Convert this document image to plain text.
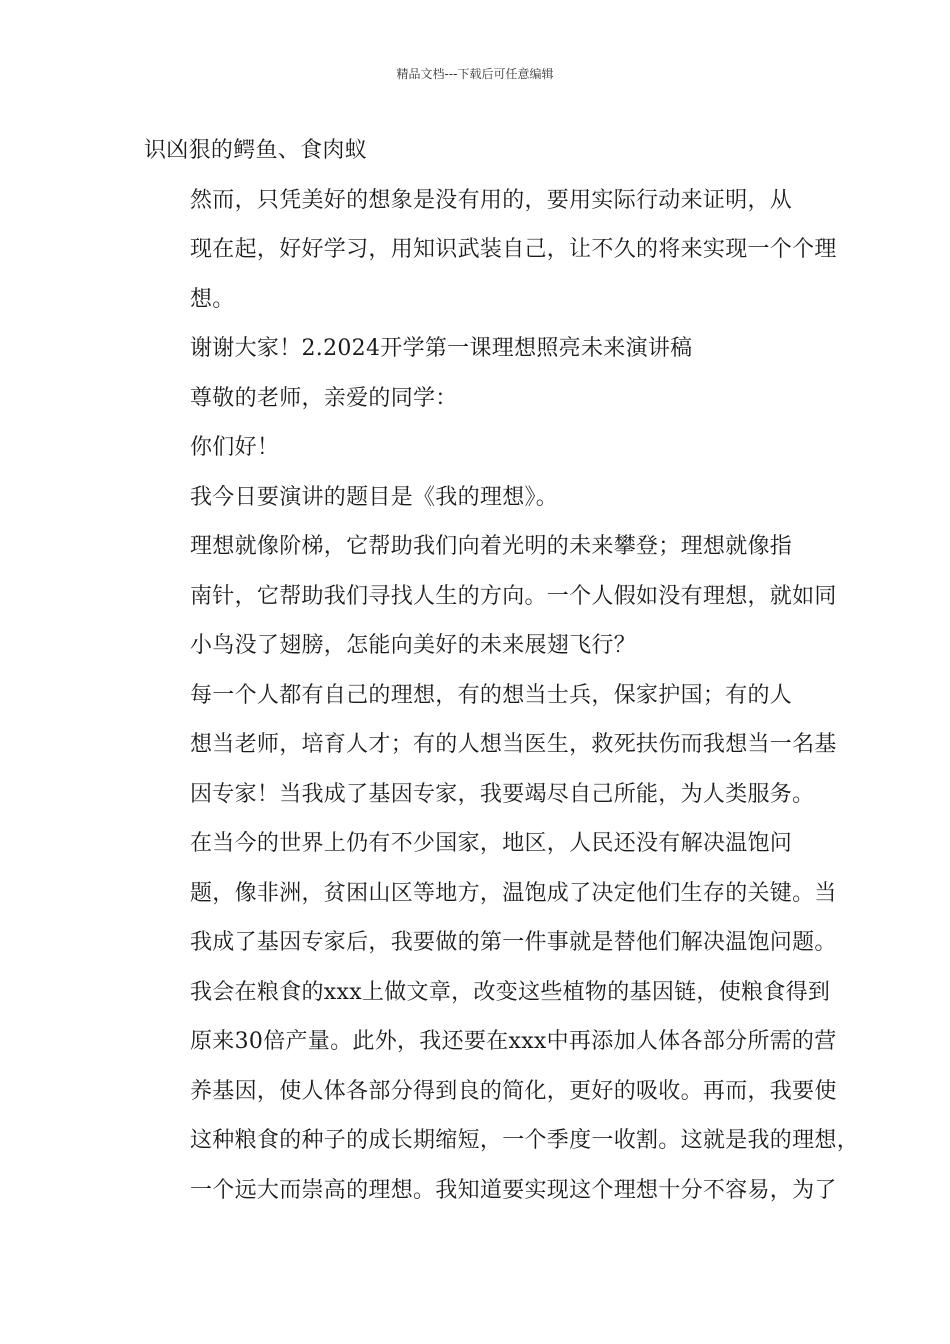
精品文档---下载后可任意编辑

识凶狠的鳄鱼、食肉蚁

然而，只凭美好的想象是没有用的，要用实际行动来证明，从
现在起，好好学习，用知识武装自己，让不久的将来实现一个个理
想。

谢谢大家！2.2024开学第一课理想照亮未来演讲稿

尊敬的老师，亲爱的同学：

你们好！

我今日要演讲的题目是《我的理想》。

理想就像阶梯，它帮助我们向着光明的未来攀登；理想就像指
南针，它帮助我们寻找人生的方向。一个人假如没有理想，就如同
小鸟没了翅膀，怎能向美好的未来展翅飞行？

每一个人都有自己的理想，有的想当士兵，保家护国；有的人
想当老师，培育人才；有的人想当医生，救死扶伤而我想当一名基
因专家！当我成了基因专家，我要竭尽自己所能，为人类服务。

在当今的世界上仍有不少国家，地区，人民还没有解决温饱问
题，像非洲，贫困山区等地方，温饱成了决定他们生存的关键。当
我成了基因专家后，我要做的第一件事就是替他们解决温饱问题。
我会在粮食的xxx上做文章，改变这些植物的基因链，使粮食得到
原来30倍产量。此外，我还要在xxx中再添加人体各部分所需的营
养基因，使人体各部分得到良的简化，更好的吸收。再而，我要使
这种粮食的种子的成长期缩短，一个季度一收割。这就是我的理想，
一个远大而崇高的理想。我知道要实现这个理想十分不容易，为了
